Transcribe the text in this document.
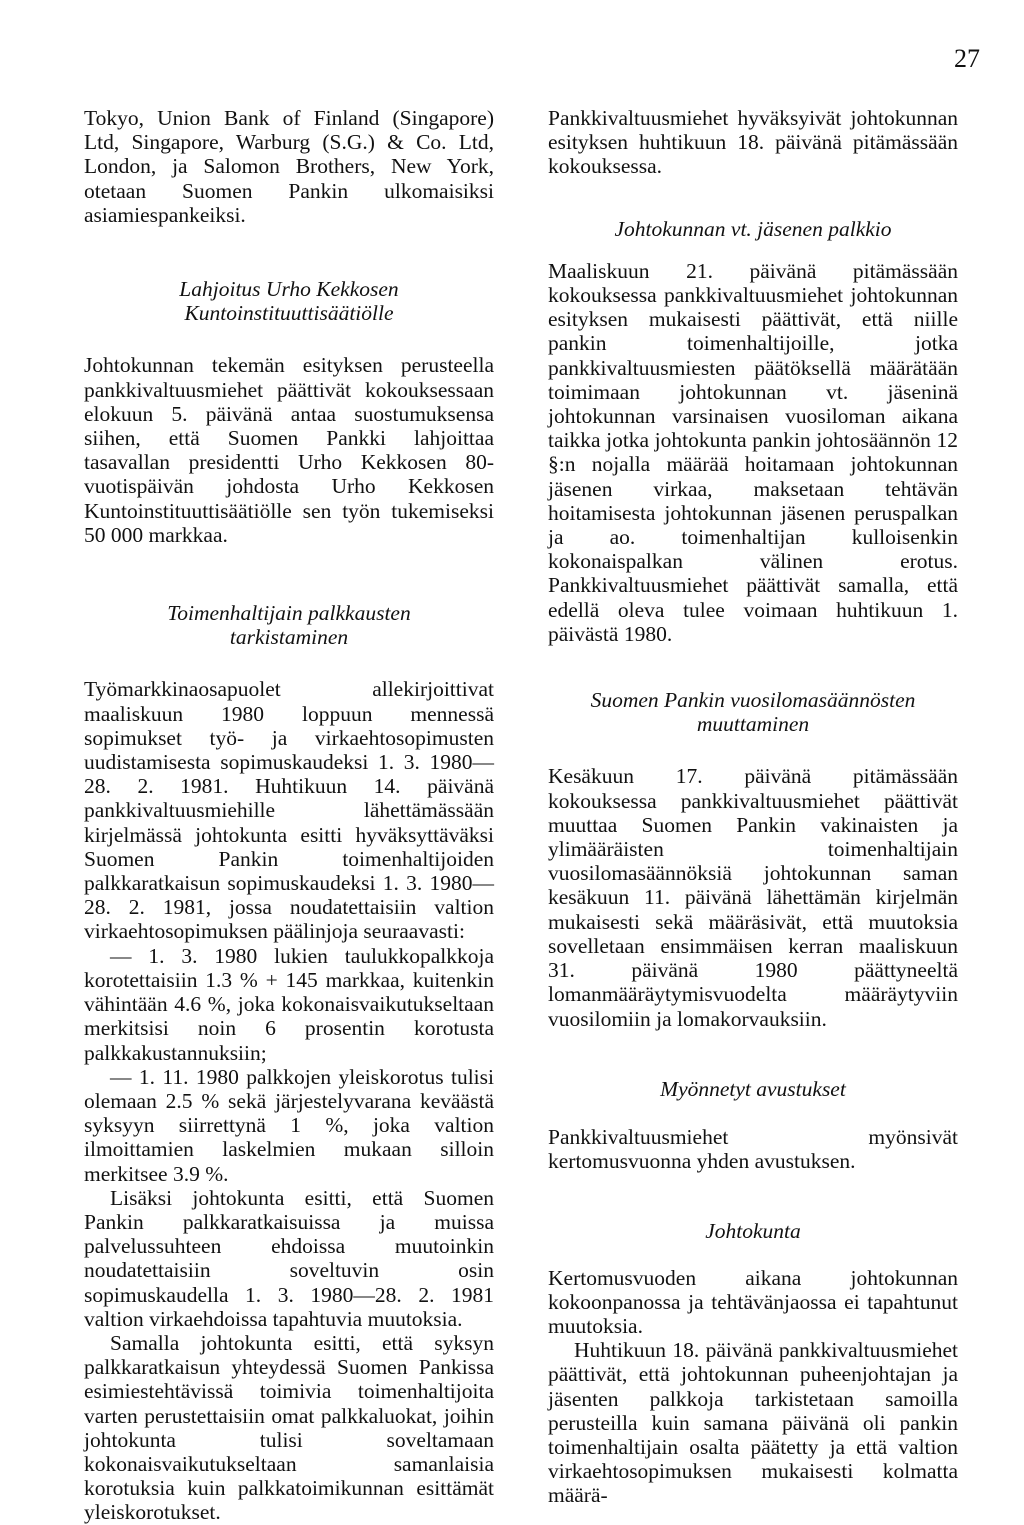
27

Tokyo, Union Bank of Finland (Singapore) Ltd, Singapore, Warburg (S.G.) & Co. Ltd, London, ja Salomon Brothers, New York, otetaan Suomen Pankin ulkomaisiksi asiamiespankeiksi.

Lahjoitus Urho Kekkosen Kuntoinstituuttisäätiölle

Johtokunnan tekemän esityksen perusteella pankkivaltuusmiehet päättivät kokouksessaan elokuun 5. päivänä antaa suostumuksensa siihen, että Suomen Pankki lahjoittaa tasavallan presidentti Urho Kekkosen 80-vuotispäivän johdosta Urho Kekkosen Kuntoinstituuttisäätiölle sen työn tukemiseksi 50 000 markkaa.

Toimenhaltijain palkkausten tarkistaminen

Työmarkkinaosapuolet allekirjoittivat maaliskuun 1980 loppuun mennessä sopimukset työ- ja virkaehtosopimusten uudistamisesta sopimuskaudeksi 1. 3. 1980—28. 2. 1981. Huhtikuun 14. päivänä pankkivaltuusmiehille lähettämässään kirjelmässä johtokunta esitti hyväksyttäväksi Suomen Pankin toimenhaltijoiden palkkaratkaisun sopimuskaudeksi 1. 3. 1980—28. 2. 1981, jossa noudatettaisiin valtion virkaehtosopimuksen päälinjoja seuraavasti:

— 1. 3. 1980 lukien taulukkopalkkoja korotettaisiin 1.3 % + 145 markkaa, kuitenkin vähintään 4.6 %, joka kokonaisvaikutukseltaan merkitsisi noin 6 prosentin korotusta palkkakustannuksiin;

— 1. 11. 1980 palkkojen yleiskorotus tulisi olemaan 2.5 % sekä järjestelyvarana keväästä syksyyn siirrettynä 1 %, joka valtion ilmoittamien laskelmien mukaan silloin merkitsee 3.9 %.

Lisäksi johtokunta esitti, että Suomen Pankin palkkaratkaisuissa ja muissa palvelussuhteen ehdoissa muutoinkin noudatettaisiin soveltuvin osin sopimuskaudella 1. 3. 1980—28. 2. 1981 valtion virkaehdoissa tapahtuvia muutoksia.

Samalla johtokunta esitti, että syksyn palkkaratkaisun yhteydessä Suomen Pankissa esimiestehtävissä toimivia toimenhaltijoita varten perustettaisiin omat palkkaluokat, joihin johtokunta tulisi soveltamaan kokonaisvaikutukseltaan samanlaisia korotuksia kuin palkkatoimikunnan esittämät yleiskorotukset.

Pankkivaltuusmiehet hyväksyivät johtokunnan esityksen huhtikuun 18. päivänä pitämässään kokouksessa.

Johtokunnan vt. jäsenen palkkio

Maaliskuun 21. päivänä pitämässään kokouksessa pankkivaltuusmiehet johtokunnan esityksen mukaisesti päättivät, että niille pankin toimenhaltijoille, jotka pankkivaltuusmiesten päätöksellä määrätään toimimaan johtokunnan vt. jäseninä johtokunnan varsinaisen vuosiloman aikana taikka jotka johtokunta pankin johtosäännön 12 §:n nojalla määrää hoitamaan johtokunnan jäsenen virkaa, maksetaan tehtävän hoitamisesta johtokunnan jäsenen peruspalkan ja ao. toimenhaltijan kulloisenkin kokonaispalkan välinen erotus. Pankkivaltuusmiehet päättivät samalla, että edellä oleva tulee voimaan huhtikuun 1. päivästä 1980.

Suomen Pankin vuosilomasäännösten muuttaminen

Kesäkuun 17. päivänä pitämässään kokouksessa pankkivaltuusmiehet päättivät muuttaa Suomen Pankin vakinaisten ja ylimääräisten toimenhaltijain vuosilomasäännöksiä johtokunnan saman kesäkuun 11. päivänä lähettämän kirjelmän mukaisesti sekä määräsivät, että muutoksia sovelletaan ensimmäisen kerran maaliskuun 31. päivänä 1980 päättyneeltä lomanmääräytymisvuodelta määräytyviin vuosilomiin ja lomakorvauksiin.

Myönnetyt avustukset

Pankkivaltuusmiehet myönsivät kertomusvuonna yhden avustuksen.

Johtokunta

Kertomusvuoden aikana johtokunnan kokoonpanossa ja tehtävänjaossa ei tapahtunut muutoksia.

Huhtikuun 18. päivänä pankkivaltuusmiehet päättivät, että johtokunnan puheenjohtajan ja jäsenten palkkoja tarkistetaan samoilla perusteilla kuin samana päivänä oli pankin toimenhaltijain osalta päätetty ja että valtion virkaehtosopimuksen mukaisesti kolmatta määrä-
